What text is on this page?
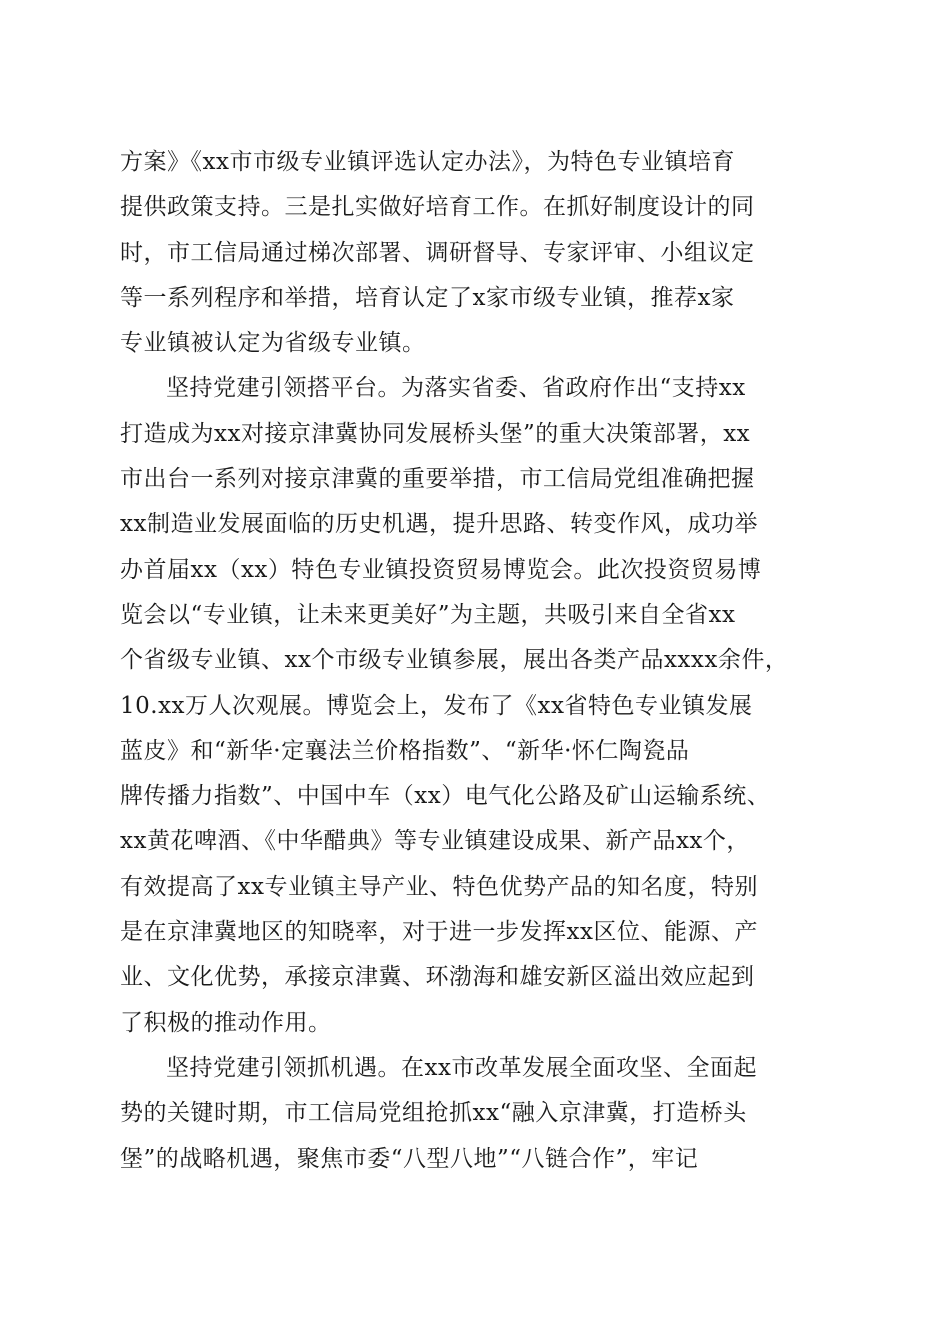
方案》《xx市市级专业镇评选认定办法》，为特色专业镇培育
提供政策支持。三是扎实做好培育工作。在抓好制度设计的同
时，市工信局通过梯次部署、调研督导、专家评审、小组议定
等一系列程序和举措，培育认定了x家市级专业镇，推荐x家
专业镇被认定为省级专业镇。
坚持党建引领搭平台。为落实省委、省政府作出“支持xx
打造成为xx对接京津冀协同发展桥头堡”的重大决策部署，xx
市出台一系列对接京津冀的重要举措，市工信局党组准确把握
xx制造业发展面临的历史机遇，提升思路、转变作风，成功举
办首届xx（xx）特色专业镇投资贸易博览会。此次投资贸易博
览会以“专业镇，让未来更美好”为主题，共吸引来自全省xx
个省级专业镇、xx个市级专业镇参展，展出各类产品xxxx余件，
10.xx万人次观展。博览会上，发布了《xx省特色专业镇发展
蓝皮》和“新华·定襄法兰价格指数”、“新华·怀仁陶瓷品
牌传播力指数”、中国中车（xx）电气化公路及矿山运输系统、
xx黄花啤酒、《中华醋典》等专业镇建设成果、新产品xx个，
有效提高了xx专业镇主导产业、特色优势产品的知名度，特别
是在京津冀地区的知晓率，对于进一步发挥xx区位、能源、产
业、文化优势，承接京津冀、环渤海和雄安新区溢出效应起到
了积极的推动作用。
坚持党建引领抓机遇。在xx市改革发展全面攻坚、全面起
势的关键时期，市工信局党组抢抓xx“融入京津冀，打造桥头
堡”的战略机遇，聚焦市委“八型八地”“八链合作”，牢记
